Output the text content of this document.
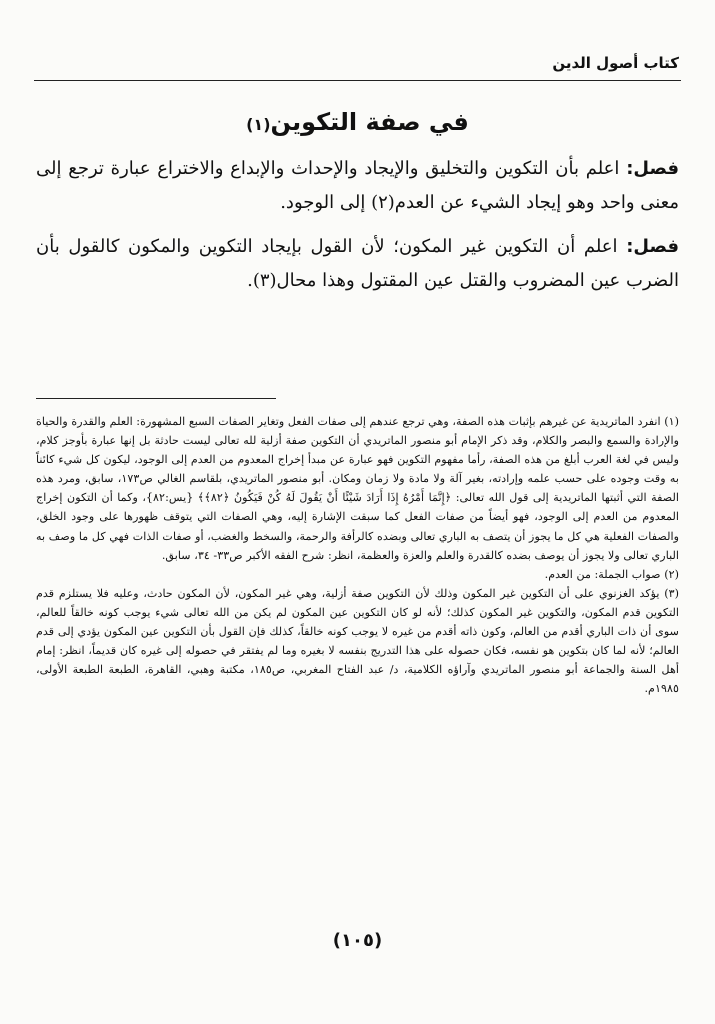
كتاب أصول الدين
في صفة التكوين(١)

فصل: اعلم بأن التكوين والتخليق والإيجاد والإحداث والإبداع والاختراع عبارة ترجع إلى معنى واحد وهو إيجاد الشيء عن العدم(٢) إلى الوجود.

فصل: اعلم أن التكوين غير المكون؛ لأن القول بإيجاد التكوين والمكون كالقول بأن الضرب عين المضروب والقتل عين المقتول وهذا محال(٣).

(١) انفرد الماتريدية عن غيرهم بإثبات هذه الصفة، وهي ترجع عندهم إلى صفات الفعل وتغاير الصفات السبع المشهورة: العلم والقدرة والحياة والإرادة والسمع والبصر والكلام، وقد ذكر الإمام أبو منصور الماتريدي أن التكوين صفة أزلية لله تعالى ليست حادثة بل إنها عبارة بأوجز كلام، وليس في لغة العرب أبلغ من هذه الصفة، رأما مفهوم التكوين فهو عبارة عن مبدأ إخراج المعدوم من العدم إلى الوجود، ليكون كل شيء كائناً به وقت وجوده على حسب علمه وإرادته، بغير آلة ولا مادة ولا زمان ومكان. أبو منصور الماتريدي، بلقاسم الغالي ص١٧٣، سابق، ومرد هذه الصفة التي أثبتها الماتريدية إلى قول الله تعالى: ﴿إِنَّمَا أَمْرُهُ إِذَا أَرَادَ شَيْئًا أَنْ يَقُولَ لَهُ كُنْ فَيَكُونُ ﴿٨٢﴾﴾ {يس:٨٢}، وكما أن التكون إخراج المعدوم من العدم إلى الوجود، فهو أيضاً من صفات الفعل كما سبقت الإشارة إليه، وهي الصفات التي يتوقف ظهورها على وجود الخلق، والصفات الفعلية هي كل ما يجوز أن يتصف به الباري تعالى وبضده كالرأفة والرحمة، والسخط والغضب، أو صفات الذات فهي كل ما وصف به الباري تعالى ولا يجوز أن يوصف بضده كالقدرة والعلم والعزة والعظمة، انظر: شرح الفقه الأكبر ص٣٣- ٣٤، سابق.

(٢) صواب الجملة: من العدم.

(٣) يؤكد الغزنوي على أن التكوين غير المكون وذلك لأن التكوين صفة أزلية، وهي غير المكون، لأن المكون حادث، وعليه فلا يستلزم قدم التكوين قدم المكون، والتكوين غير المكون كذلك؛ لأنه لو كان التكوين عين المكون لم يكن من الله تعالى شيء يوجب كونه خالقاً للعالم، سوى أن ذات الباري أقدم من العالم، وكون ذاته أقدم من غيره لا يوجب كونه خالقاً، كذلك فإن القول بأن التكوين عين المكون يؤدي إلى قدم العالم؛ لأنه لما كان بتكوين هو نفسه، فكان حصوله على هذا التدريج بنفسه لا بغيره وما لم يفتقر في حصوله إلى غيره كان قديماً، انظر: إمام أهل السنة والجماعة أبو منصور الماتريدي وآراؤه الكلامية، د/ عبد الفتاح المغربي، ص١٨٥، مكتبة وهبي، القاهرة، الطبعة الطبعة الأولى، ١٩٨٥م.

(١٠٥)
